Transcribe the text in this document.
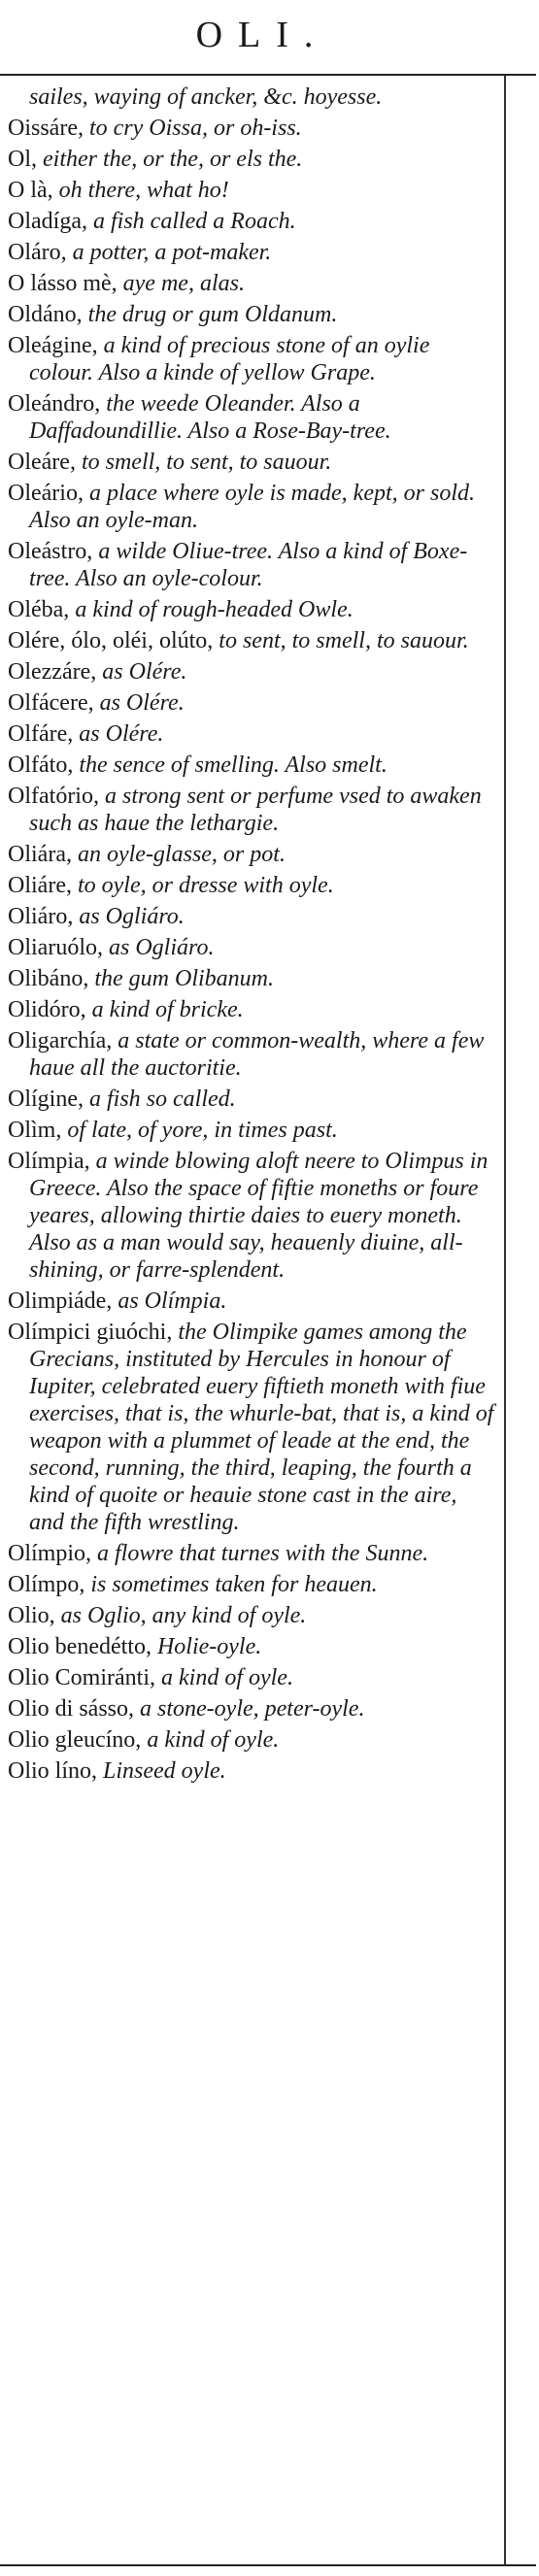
OLI.
sailes, waying of ancker, &c. hoyesse.
Oissáre, to cry Oissa, or oh-iss.
Ol, either the, or the, or els the.
O là, oh there, what ho!
Oladíga, a fish called a Roach.
Oláro, a potter, a pot-maker.
O lásso mè, aye me, alas.
Oldáno, the drug or gum Oldanum.
Oleágine, a kind of precious stone of an oylie colour. Also a kinde of yellow Grape.
Oleándro, the weede Oleander. Also a Daffadoundillie. Also a Rose-Bay-tree.
Oleáre, to smell, to sent, to sauour.
Oleário, a place where oyle is made, kept, or sold. Also an oyle-man.
Oleástro, a wilde Oliue-tree. Also a kind of Boxe-tree. Also an oyle-colour.
Oléba, a kind of rough-headed Owle.
Olére, ólo, oléi, olúto, to sent, to smell, to sauour.
Olezzáre, as Olére.
Olfácere, as Olére.
Olfáre, as Olére.
Olfáto, the sence of smelling. Also smelt.
Olfatório, a strong sent or perfume vsed to awaken such as haue the lethargie.
Oliára, an oyle-glasse, or pot.
Oliáre, to oyle, or dresse with oyle.
Oliáro, as Ogliáro.
Oliaruólo, as Ogliáro.
Olibáno, the gum Olibanum.
Olidóro, a kind of bricke.
Oligarchía, a state or common-wealth, where a few haue all the auctoritie.
Olígine, a fish so called.
Olìm, of late, of yore, in times past.
Olímpia, a winde blowing aloft neere to Olimpus in Greece. Also the space of fiftie moneths or foure yeares, allowing thirtie daies to euery moneth. Also as a man would say, heauenly diuine, all-shining, or farre-splendent.
Olimpiáde, as Olímpia.
Olímpici giuóchi, the Olimpike games among the Grecians, instituted by Hercules in honour of Iupiter, celebrated euery fiftieth moneth with fiue exercises, that is, the whurle-bat, that is, a kind of weapon with a plummet of leade at the end, the second, running, the third, leaping, the fourth a kind of quoite or heauie stone cast in the aire, and the fifth wrestling.
Olímpio, a flowre that turnes with the Sunne.
Olímpo, is sometimes taken for heauen.
Olio, as Oglio, any kind of oyle.
Olio benedétto, Holie-oyle.
Olio Comiránti, a kind of oyle.
Olio di sásso, a stone-oyle, peter-oyle.
Olio gleucíno, a kind of oyle.
Olio líno, Linseed oyle.
